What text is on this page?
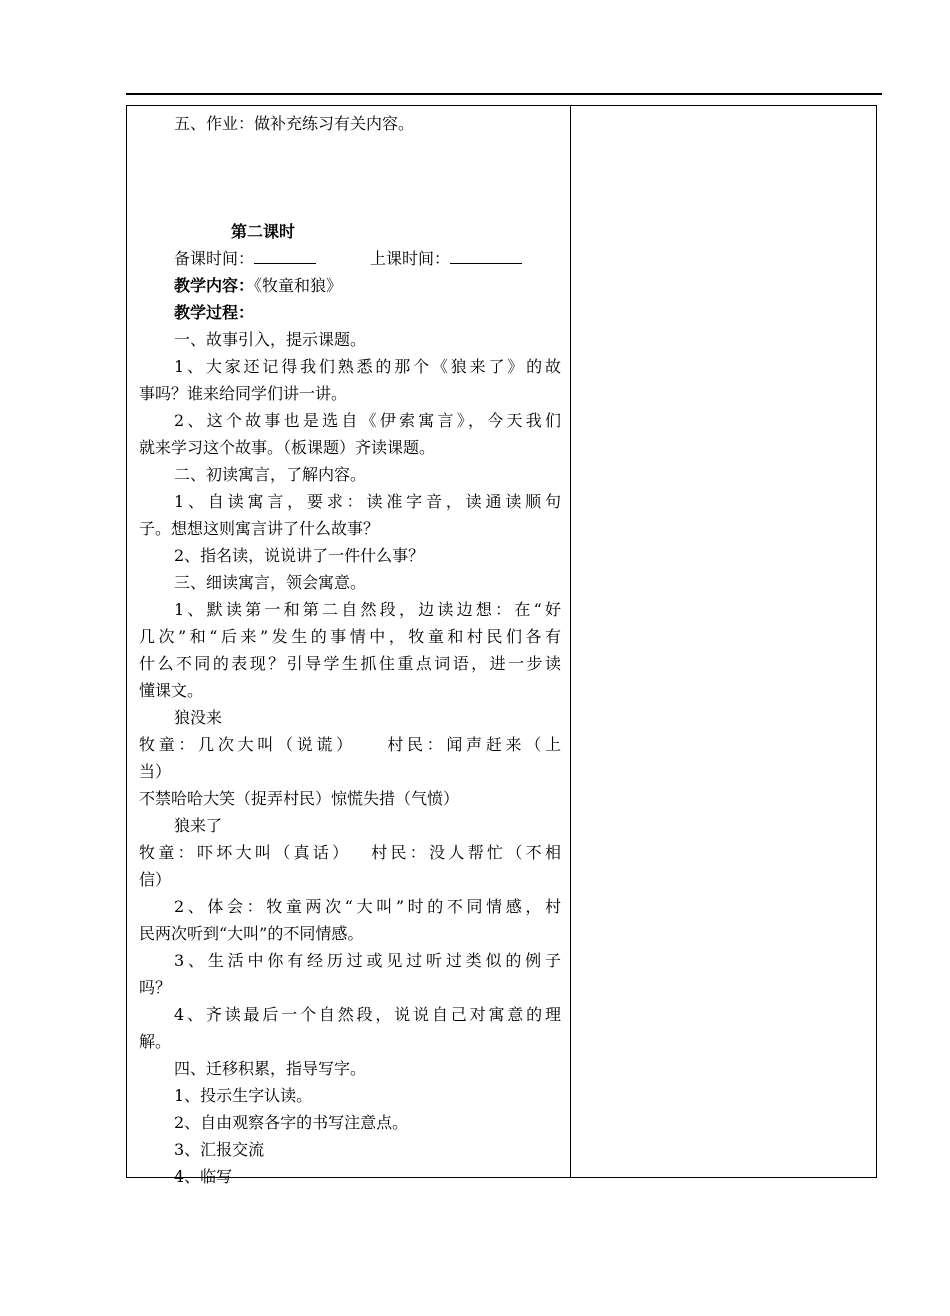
五、作业：做补充练习有关内容。
第二课时
备课时间：	上课时间：
教学内容：《牧童和狼》
教学过程：
一、故事引入，提示课题。
1、大家还记得我们熟悉的那个《狼来了》的故
事吗？谁来给同学们讲一讲。
2、这个故事也是选自《伊索寓言》，今天我们
就来学习这个故事。（板课题）齐读课题。
二、初读寓言，了解内容。
1、自读寓言，要求：读准字音，读通读顺句
子。想想这则寓言讲了什么故事？
2、指名读，说说讲了一件什么事？
三、细读寓言，领会寓意。
1、默读第一和第二自然段，边读边想：在“好
几次”和“后来”发生的事情中，牧童和村民们各有
什么不同的表现？引导学生抓住重点词语，进一步读
懂课文。
狼没来
牧童：几次大叫（说谎）　　村民：闻声赶来（上
当）
不禁哈哈大笑（捉弄村民）惊慌失措（气愤）
狼来了
牧童：吓坏大叫（真话）　 村民：没人帮忙（不相
信）
2、体会：牧童两次“大叫”时的不同情感，村
民两次听到“大叫”的不同情感。
3、生活中你有经历过或见过听过类似的例子
吗？
4、齐读最后一个自然段，说说自己对寓意的理
解。
四、迁移积累，指导写字。
1、投示生字认读。
2、自由观察各字的书写注意点。
3、汇报交流
4、临写
